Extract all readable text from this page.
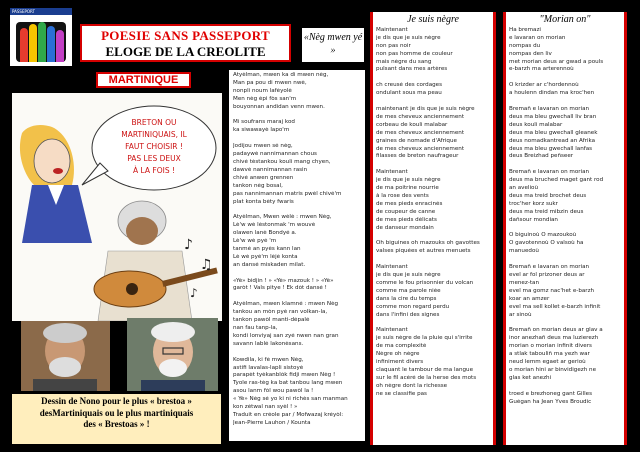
PASSEPORT
POESIE SANS PASSEPORT
ELOGE DE LA CREOLITE
MARTINIQUE
BRETON OU
MARTINIQUAIS, IL
FAUT CHOISIR !
PAS LES DEUX
À LA FOIS !
♪
♫
♪
Dessin de Nono pour le plus « brestoa »
desMartiniquais ou le plus martiniquais
des « Brestoas » !
«Nèg mwen yé »
Atyèlman, mwen ka di mwen nèg,
Man pa pou di mwen nwè,
nonpli noum lafèyolè
Men nèg épi fòs san'm
bouyonnan andidan venn mwen.

Mi soufrans maraj kod
ka siwawayè lapo'm

Jodijou mwen sé nèg,
padaywè nannimannan chous
chivé tèstankou kouli mang chyen,
dawvè nannimannan rasin
chivé anwen grennen
tankon nèg bosal,
pas nannimannan matris pwèl chivé'm
plat konta bèty fwaris

Atyèlman, Mwen wèlè : mwen Nèg,
Lè'w wè lèstonmak 'm wouvè
olawen lanè Bondyé a.
Lè'w wè pyé 'm
tanmé an pyès kann lan
Lè wè pyé'm lèjè konta
an dansé miskaden milat.

«Yè» bidjin ! » «Yè» mazouk ! » «Yè»
garòt ! Vals pitye ! Èk dòt dansé !

Atyèlman, mwen klamné : mwen Nèg
tankou an mòn pyé ran volkan-la,
tankon pawòl manti-dépalé
nan fau tanp-la,
kondi lonviyaj san zyé nwen nan gran
savann lablé lakonèsans.

Kowdila, ki fè mwen Nèg,
astifi lavalas-lapli sistoyé
parapèt tyèkanblòk fidji mwen Nèg !
Tyole ras-tèg ka bat tanbou lang mwen
asou lanm fòl wou pawòl la !
« Yè» Nèg sé yo ki ni richès san manman
kon zétwal nan syèl ! »
Traduit en créole par / Mofwazaj kréyòl:
Jean-Pierre Lauhon / Kounta
Je suis nègre
Maintenant
je dis que je suis nègre
non pas noir
non pas homme de couleur
mais nègre du sang
pulsant dans mes artères

ch creusé des cordages
ondulant sous ma peau

maintenant je dis que je suis nègre
de mes cheveux anciennement
corbeau de kouli malabar
de mes cheveux anciennement
graines de nomade d'Afrique
de mes cheveux anciennement
filasses de breton naufrageur

Maintenant
je dis que je suis nègre
de ma poitrine nourrie
à la rose des vents
de mes pieds enracinés
de coupeur de canne
de mes pieds délicats
de danseur mondain

Oh biguines oh mazouks oh gavottes
valses piquées et autres menuets

Maintenant
je dis que je suis nègre
comme le fou prisonnier du volcan
comme ma parole niée
dans la cire du temps
comme mon regard perdu
dans l'infini des signes

Maintenant
je suis nègre de la pluie qui s'irrite
de ma complexité
Nègre oh nègre
infiniment divers
claquant le tambour de ma langue
sur le fil acéré de la herse des mots
oh nègre dont la richesse
ne se classifie pas
"Morian on"
Ha bremazi
e lavaran on morian
nompas du
nompas den liv
met morian deus ar gwad a pouls
e-barzh ma arterennoù

O krizder ar c'hordennoù
a houlenn dindan ma kroc'hen

Bremañ e lavaran on morian
deus ma bleu gwechall liv bran
deus kouli malabar
deus ma bleu gwechall gleanek
deus nomadkantread an Afrika
deus ma bleu gwechall lanfas
deus Breizhad peñseer

Bremañ e lavaran on morian
deus ma bruched maget gant rod
an avelioù
deus ma treid brochet deus
troc'her korz sukr
deus ma treid mibzin deus
dañsour mondian

O biguinoù O mazoukoù
O gavotennoù O valsoù ha
manuedoù

Bremañ e lavaran on morian
evel ar fol prizoner deus ar
menez-tan
evel ma gomz nac'het e-barzh
koar an amzer
evel ma sell kollet e-barzh infinit
ar sinoù

Bremañ on morian deus ar glav a
inor anezhañ deus ma luzierezh
morian o morian infinit divers
a stlak tabouliñ ma yezh war
neud lemm egaet ar gerioù
o morian hini ar binvidigezh ne
glas ket anezhi

troed e brezhoneg gant Gilles
Guégan ha Jean Yves Broudic
